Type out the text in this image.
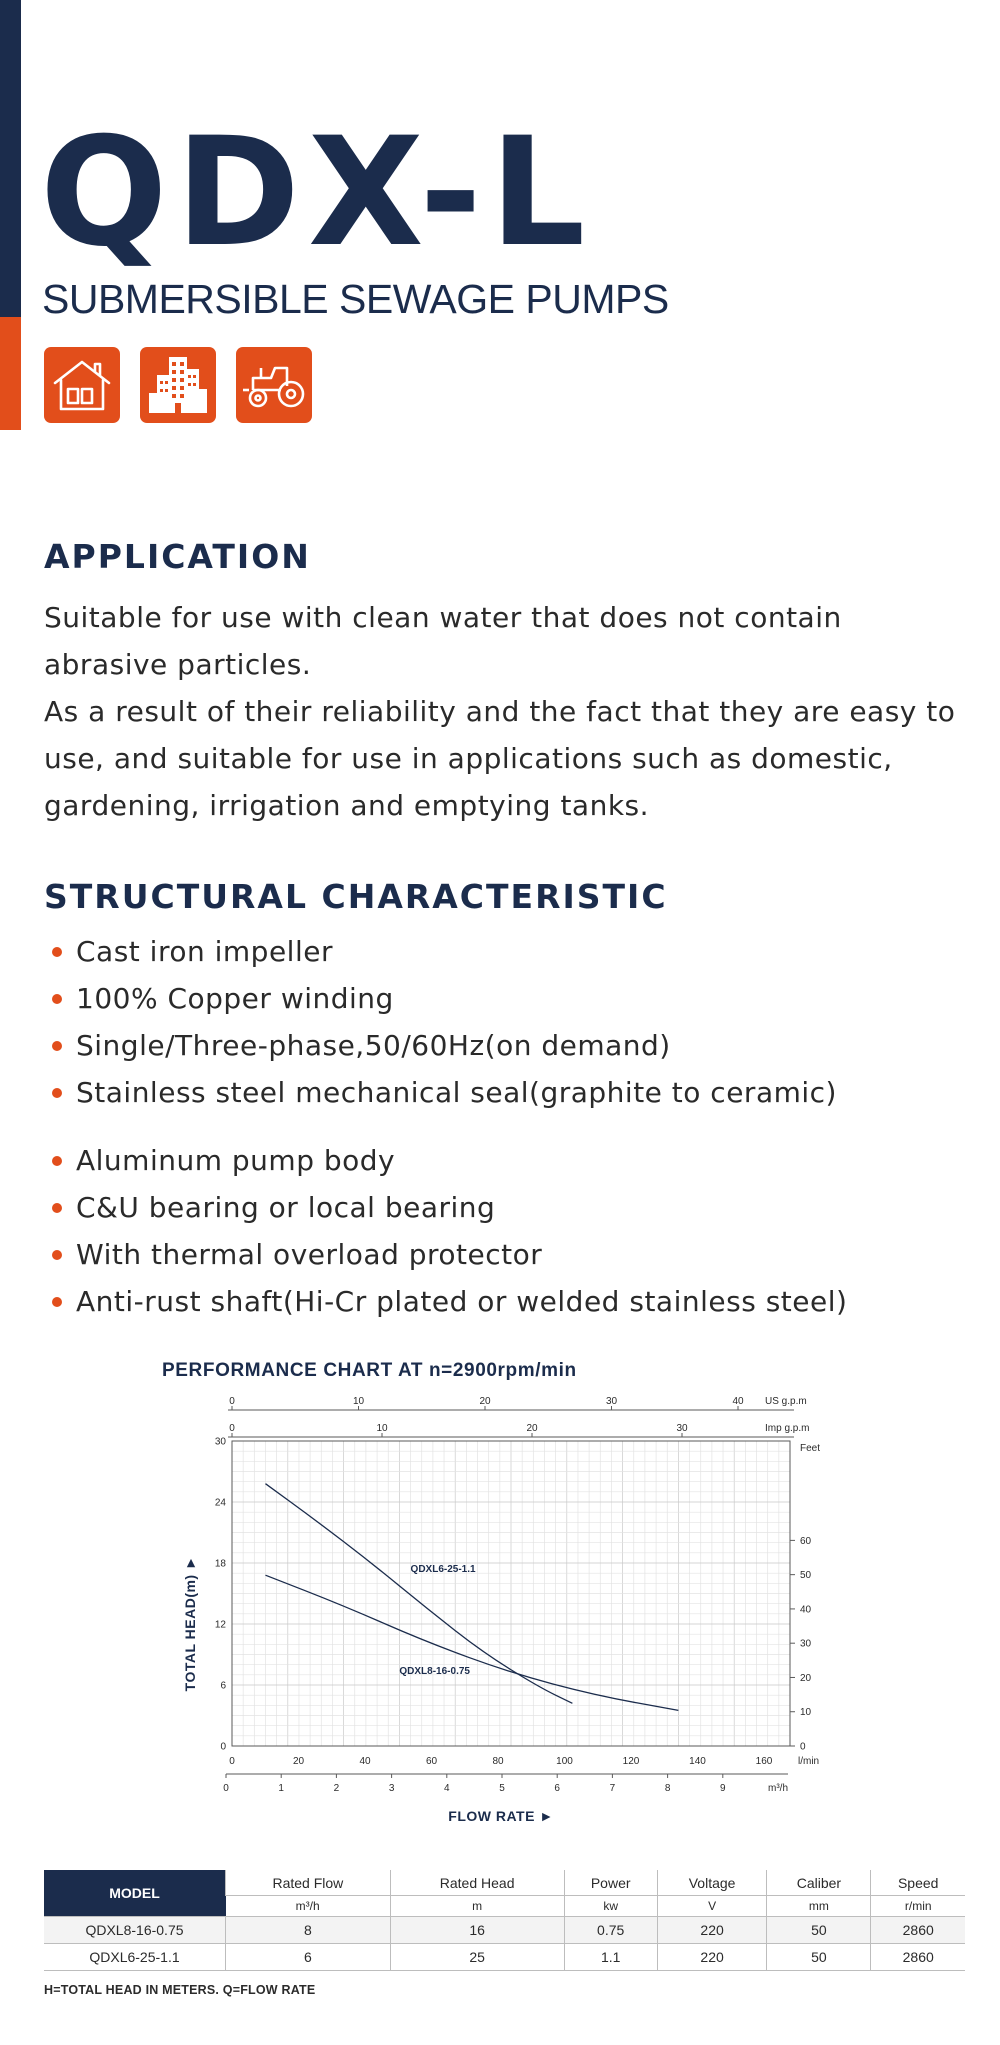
QDX-L
SUBMERSIBLE SEWAGE PUMPS
APPLICATION

Suitable for use with clean water that does not contain abrasive particles.

As a result of their reliability and the fact that they are easy to use, and suitable for use in applications such as domestic, gardening, irrigation and emptying tanks.

STRUCTURAL CHARACTERISTIC
Cast iron impeller
100% Copper winding
Single/Three-phase,50/60Hz(on demand)
Stainless steel mechanical seal(graphite to ceramic)
Aluminum pump body
C&U bearing or local bearing
With thermal overload protector
Anti-rust shaft(Hi-Cr plated or welded stainless steel)
PERFORMANCE CHART AT n=2900rpm/min
0
6
12
18
24
30
0
10
20
30
40
50
60
Feet
0	10	20	30	40 US g.p.m
0	10	20	30	Imp g.p.m
0	20	40	60	80	100	120	140	160	l/min
0	1	2	3	4	5	6	7	8	9	m³/h
FLOW RATE ►
TOTAL HEAD(m) ►	QDXL6-25-1.1
QDXL8-16-0.75
MODEL	Rated Flow	Rated Head	Power	Voltage	Caliber	Speed
	m³/h	m	kw	V	mm	r/min
QDXL8-16-0.75	8	16	0.75	220	50	2860
QDXL6-25-1.1	6	25	1.1	220	50	2860
H=TOTAL HEAD IN METERS. Q=FLOW RATE
